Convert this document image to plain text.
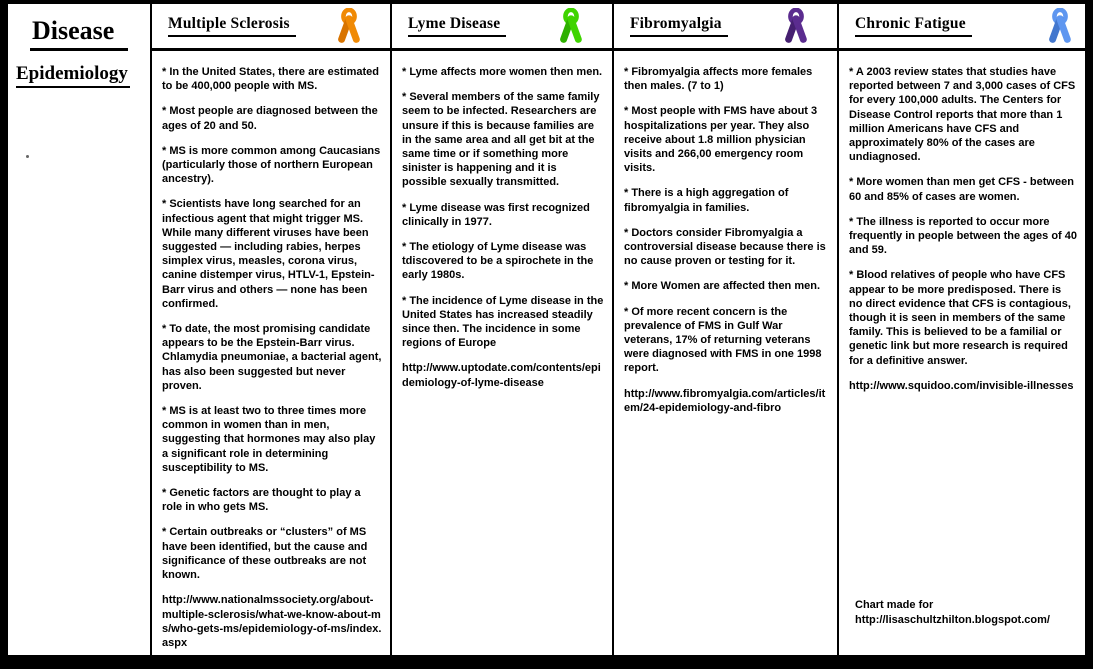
Disease
Epidemiology
Multiple Sclerosis

* In the United States, there are estimated to be 400,000 people with MS.

* Most people are diagnosed between the ages of 20 and 50.

* MS is more common among Caucasians (particularly those of northern European ancestry).

* Scientists have long searched for an infectious agent that might trigger MS. While many different viruses have been suggested — including rabies, herpes simplex virus, measles, corona virus, canine distemper virus, HTLV-1, Epstein-Barr virus and others — none has been confirmed.

* To date, the most promising candidate appears to be the Epstein-Barr virus. Chlamydia pneumoniae, a bacterial agent, has also been suggested but never proven.

* MS is at least two to three times more common in women than in men, suggesting that hormones may also play a significant role in determining susceptibility to MS.

* Genetic factors are thought to play a role in who gets MS.

* Certain outbreaks or “clusters” of MS have been identified, but the cause and significance of these outbreaks are not known.

http://www.nationalmssociety.org/about-multiple-sclerosis/what-we-know-about-ms/who-gets-ms/epidemiology-of-ms/index.aspx

Lyme Disease

* Lyme affects more women then men.

* Several members of the same family seem to be infected. Researchers are unsure if this is because families are in the same area and all get bit at the same time or if something more sinister is happening and it is possible sexually transmitted.

* Lyme disease was first recognized clinically in 1977.

* The etiology of Lyme disease was tdiscovered to be a spirochete in the early 1980s.

* The incidence of Lyme disease in the United States has increased steadily since then. The incidence in some regions of Europe

http://www.uptodate.com/contents/epidemiology-of-lyme-disease

Fibromyalgia

* Fibromyalgia affects more females then males. (7 to 1)

* Most people with FMS have about 3 hospitalizations per year. They also receive about 1.8 million physician visits and 266,00 emergency room visits.

* There is a high aggregation of fibromyalgia in families.

* Doctors consider Fibromyalgia a controversial disease because there is no cause proven or testing for it.

* More Women are affected then men.

* Of more recent concern is the prevalence of FMS in Gulf War veterans, 17% of returning veterans were diagnosed with FMS in one 1998 report.

http://www.fibromyalgia.com/articles/item/24-epidemiology-and-fibro

Chronic Fatigue

* A 2003 review states that studies have reported between 7 and 3,000 cases of CFS for every 100,000 adults. The Centers for Disease Control reports that more than 1 million Americans have CFS and approximately 80% of the cases are undiagnosed.

* More women than men get CFS - between 60 and 85% of cases are women.

* The illness is reported to occur more frequently in people between the ages of 40 and 59.

* Blood relatives of people who have CFS appear to be more predisposed. There is no direct evidence that CFS is contagious, though it is seen in members of the same family. This is believed to be a familial or genetic link but more research is required for a definitive answer.

http://www.squidoo.com/invisible-illnesses

Chart made for
http://lisaschultzhilton.blogspot.com/
